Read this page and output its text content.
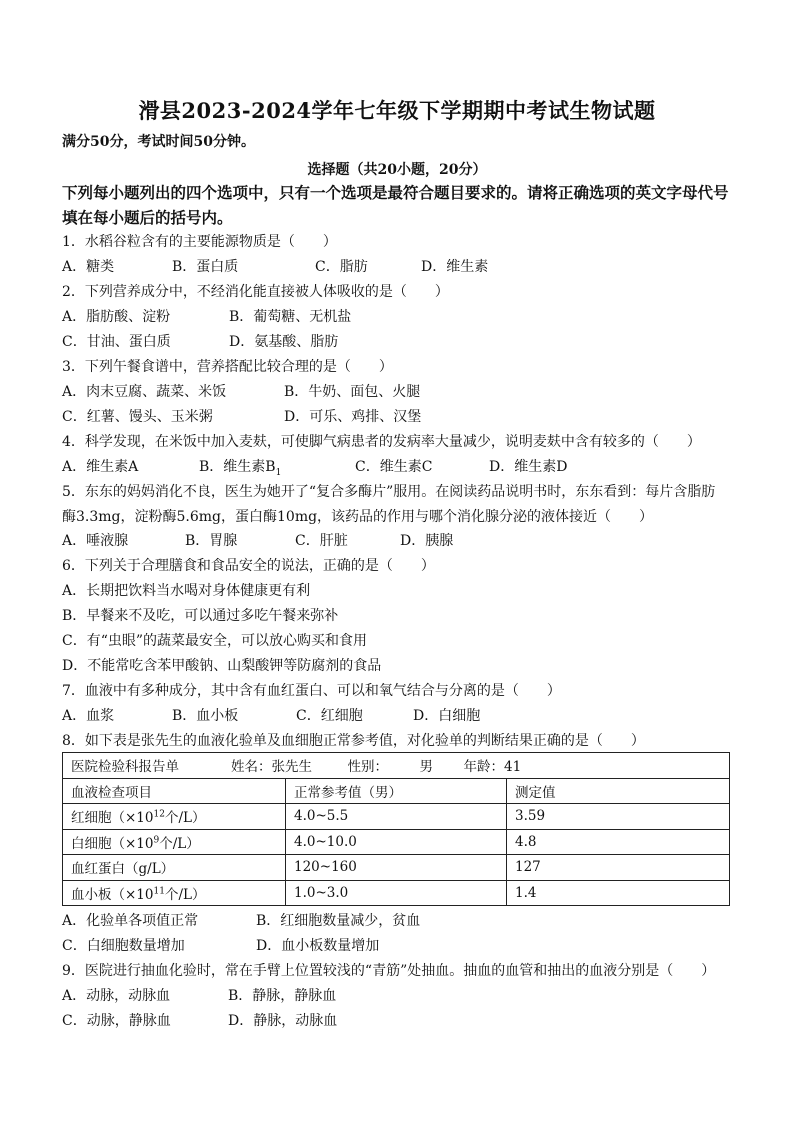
滑县2023-2024学年七年级下学期期中考试生物试题
满分50分，考试时间50分钟。
选择题（共20小题，20分）
下列每小题列出的四个选项中，只有一个选项是最符合题目要求的。请将正确选项的英文字母代号填在每小题后的括号内。
1．水稻谷粒含有的主要能源物质是（　　）
A．糖类	B．蛋白质	C．脂肪	D．维生素
2．下列营养成分中，不经消化能直接被人体吸收的是（　　）
A．脂肪酸、淀粉	B．葡萄糖、无机盐
C．甘油、蛋白质	D．氨基酸、脂肪
3．下列午餐食谱中，营养搭配比较合理的是（　　）
A．肉末豆腐、蔬菜、米饭	B．牛奶、面包、火腿
C．红薯、馒头、玉米粥	D．可乐、鸡排、汉堡
4．科学发现，在米饭中加入麦麸，可使脚气病患者的发病率大量减少，说明麦麸中含有较多的（　　）
A．维生素A	B．维生素$B_1$	C．维生素C	D．维生素D
5．东东的妈妈消化不良，医生为她开了“复合多酶片”服用。在阅读药品说明书时，东东看到：每片含脂肪
酶3.3mg，淀粉酶5.6mg，蛋白酶10mg，该药品的作用与哪个消化腺分泌的液体接近（　　）
A．唾液腺	B．胃腺	C．肝脏	D．胰腺
6．下列关于合理膳食和食品安全的说法，正确的是（　　）
A．长期把饮料当水喝对身体健康更有利
B．早餐来不及吃，可以通过多吃午餐来弥补
C．有“虫眼”的蔬菜最安全，可以放心购买和食用
D．不能常吃含苯甲酸钠、山梨酸钾等防腐剂的食品
7．血液中有多种成分，其中含有血红蛋白、可以和氧气结合与分离的是（　　）
A．血浆	B．血小板	C．红细胞	D．白细胞
8．如下表是张先生的血液化验单及血细胞正常参考值，对化验单的判断结果正确的是（　　）
医院检验科报告单 姓名：张先生 性别： 男 年龄：41		
血液检查项目	正常参考值（男）	测定值
红细胞（$\times 10^{12}$个/L）	4.0~5.5	3.59
白细胞（$\times 10^9$个/L）	4.0~10.0	4.8
血红蛋白（g/L）	120~160	127
血小板（$\times 10^{11}$个/L）	1.0~3.0	1.4
A．化验单各项值正常	B．红细胞数量减少，贫血
C．白细胞数量增加	D．血小板数量增加
9．医院进行抽血化验时，常在手臂上位置较浅的“青筋”处抽血。抽血的血管和抽出的血液分别是（　　）
A．动脉，动脉血	B．静脉，静脉血
C．动脉，静脉血	D．静脉，动脉血
